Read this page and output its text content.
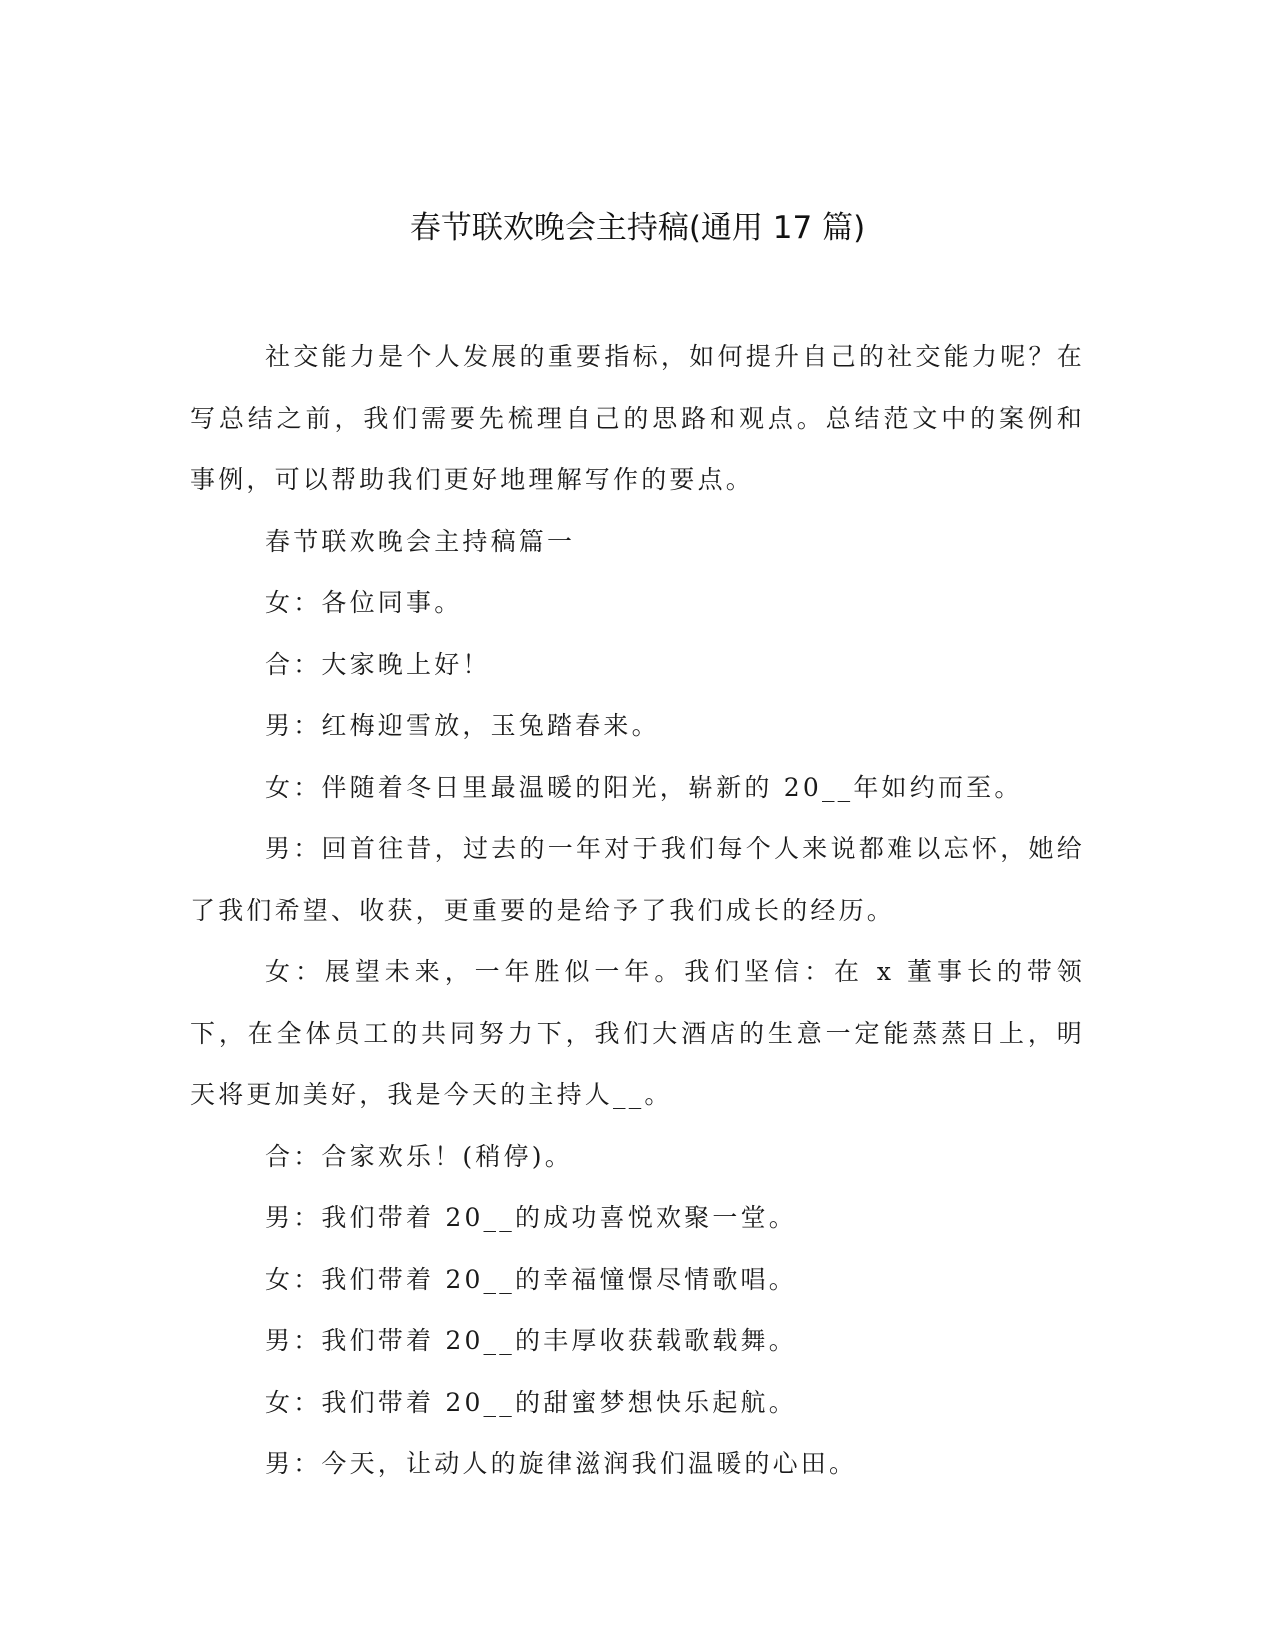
春节联欢晚会主持稿(通用 17 篇)

社交能力是个人发展的重要指标，如何提升自己的社交能力呢？在写总结之前，我们需要先梳理自己的思路和观点。总结范文中的案例和事例，可以帮助我们更好地理解写作的要点。

春节联欢晚会主持稿篇一

女：各位同事。

合：大家晚上好！

男：红梅迎雪放，玉兔踏春来。

女：伴随着冬日里最温暖的阳光，崭新的 20__年如约而至。

男：回首往昔，过去的一年对于我们每个人来说都难以忘怀，她给了我们希望、收获，更重要的是给予了我们成长的经历。

女：展望未来，一年胜似一年。我们坚信：在 x 董事长的带领下，在全体员工的共同努力下，我们大酒店的生意一定能蒸蒸日上，明天将更加美好，我是今天的主持人__。

合：合家欢乐！(稍停)。

男：我们带着 20__的成功喜悦欢聚一堂。

女：我们带着 20__的幸福憧憬尽情歌唱。

男：我们带着 20__的丰厚收获载歌载舞。

女：我们带着 20__的甜蜜梦想快乐起航。

男：今天，让动人的旋律滋润我们温暖的心田。
